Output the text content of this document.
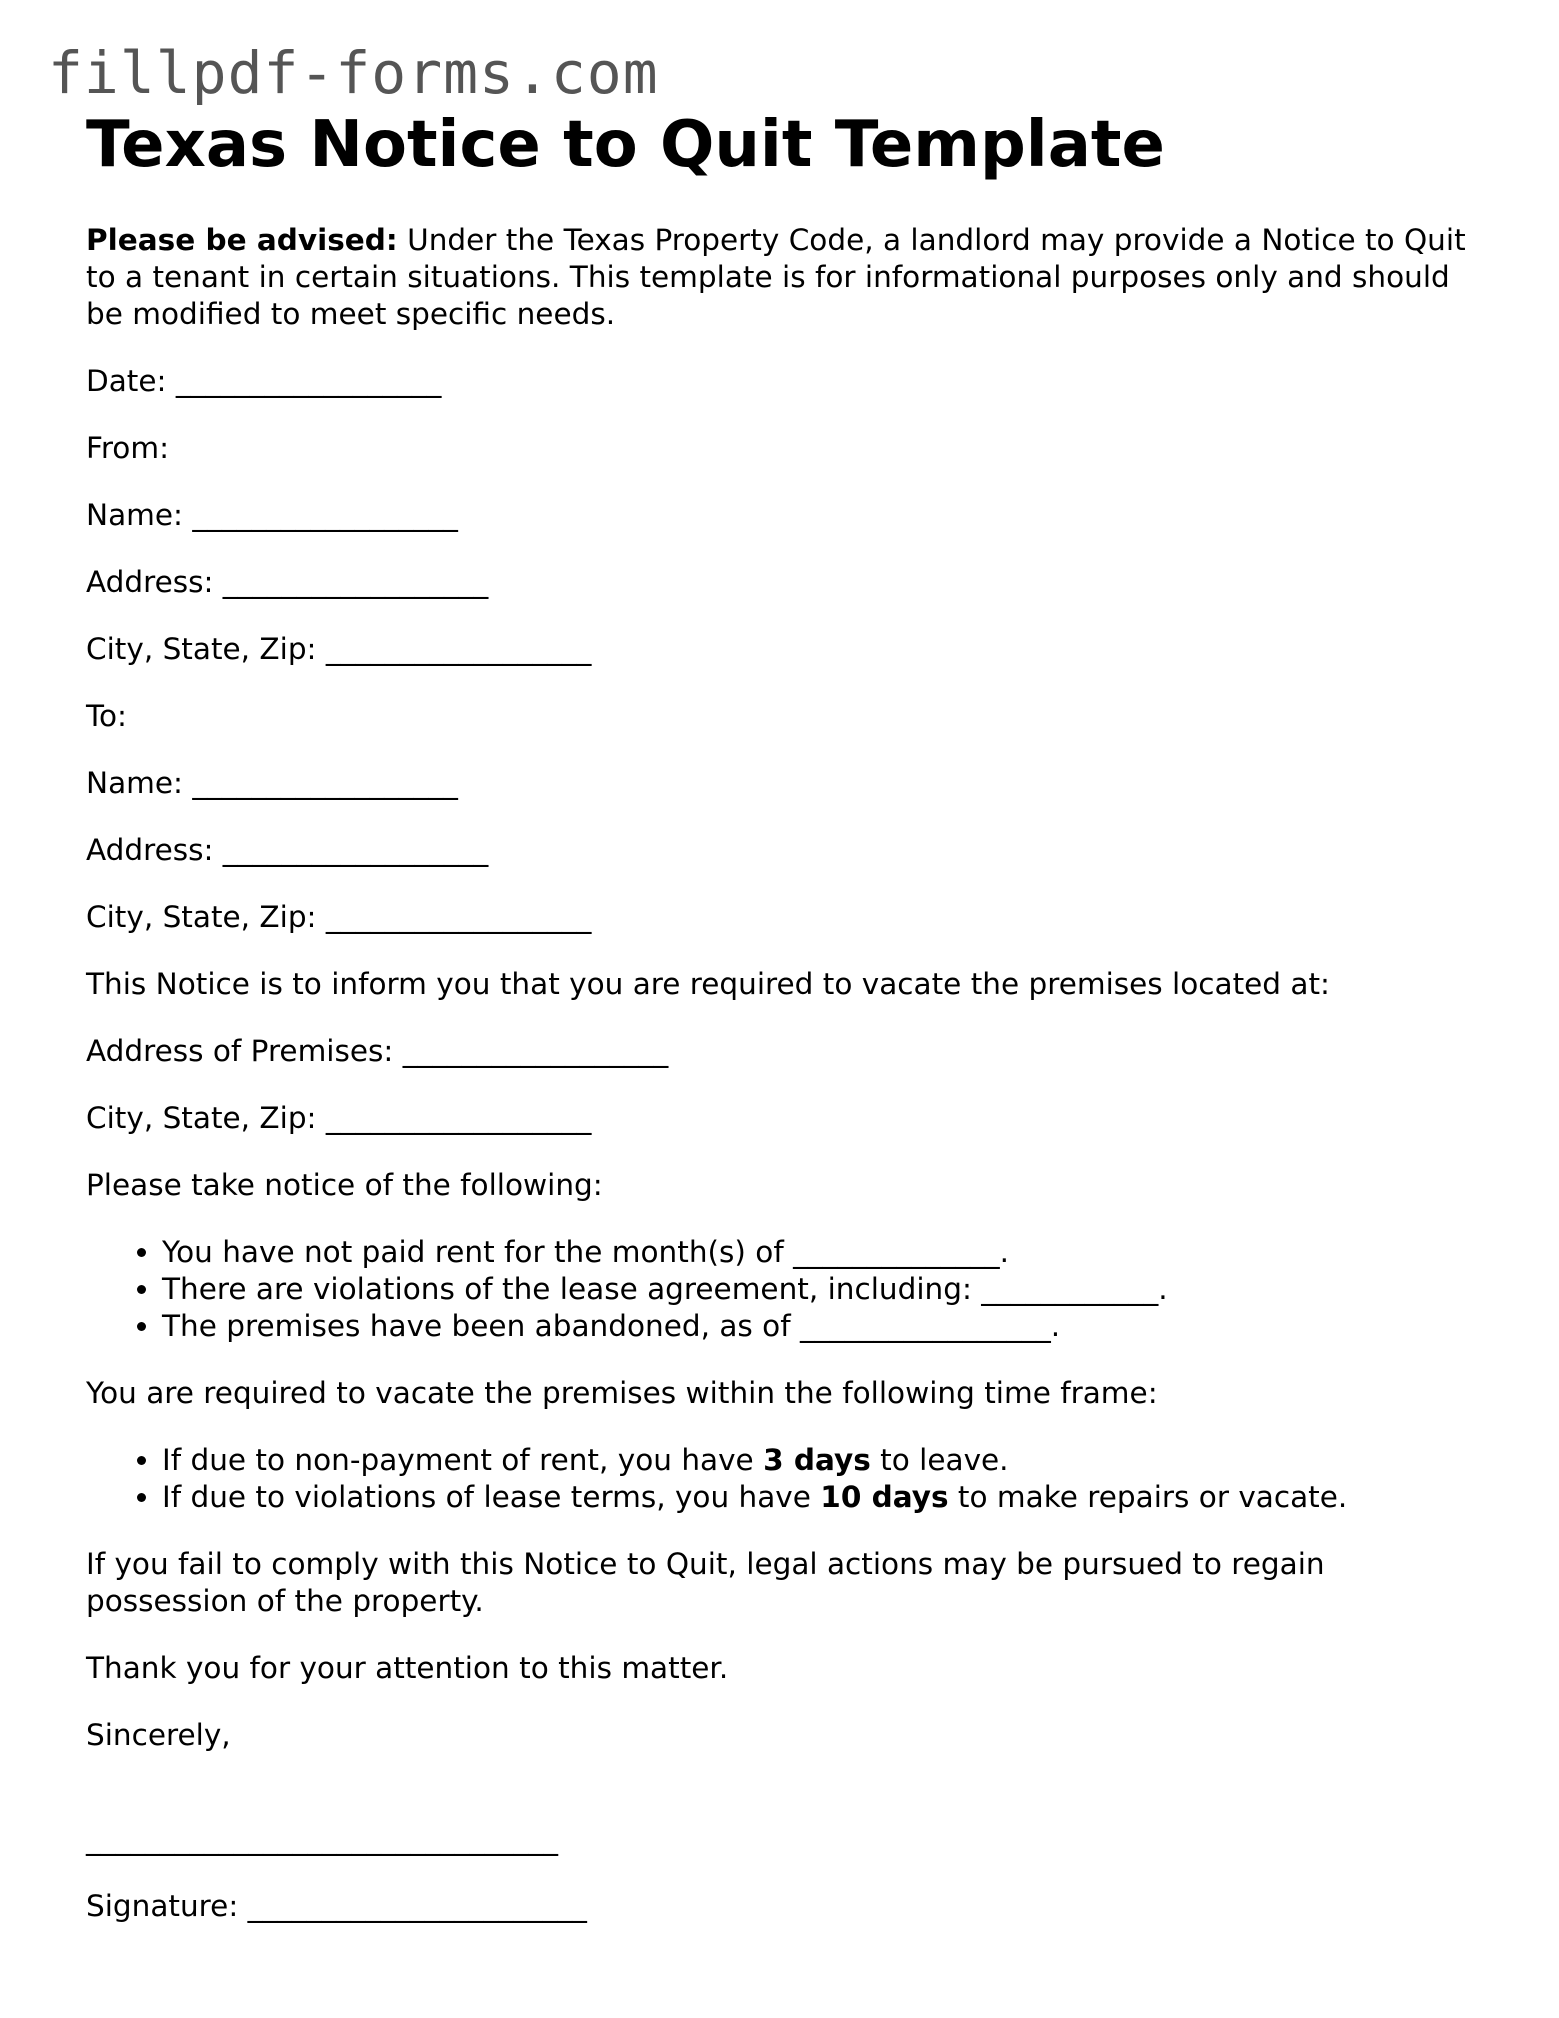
fillpdf-forms.com
Texas Notice to Quit Template

Please be advised: Under the Texas Property Code, a landlord may provide a Notice to Quit to a tenant in certain situations. This template is for informational purposes only and should be modified to meet specific needs.

Date: __________________

From:

Name: __________________

Address: __________________

City, State, Zip: __________________

To:

Name: __________________

Address: __________________

City, State, Zip: __________________

This Notice is to inform you that you are required to vacate the premises located at:

Address of Premises: __________________

City, State, Zip: __________________

Please take notice of the following:

• You have not paid rent for the month(s) of ______________.
• There are violations of the lease agreement, including: ____________.
• The premises have been abandoned, as of _________________.

You are required to vacate the premises within the following time frame:

• If due to non-payment of rent, you have 3 days to leave.
• If due to violations of lease terms, you have 10 days to make repairs or vacate.

If you fail to comply with this Notice to Quit, legal actions may be pursued to regain possession of the property.

Thank you for your attention to this matter.

Sincerely,

________________________________

Signature: _______________________
